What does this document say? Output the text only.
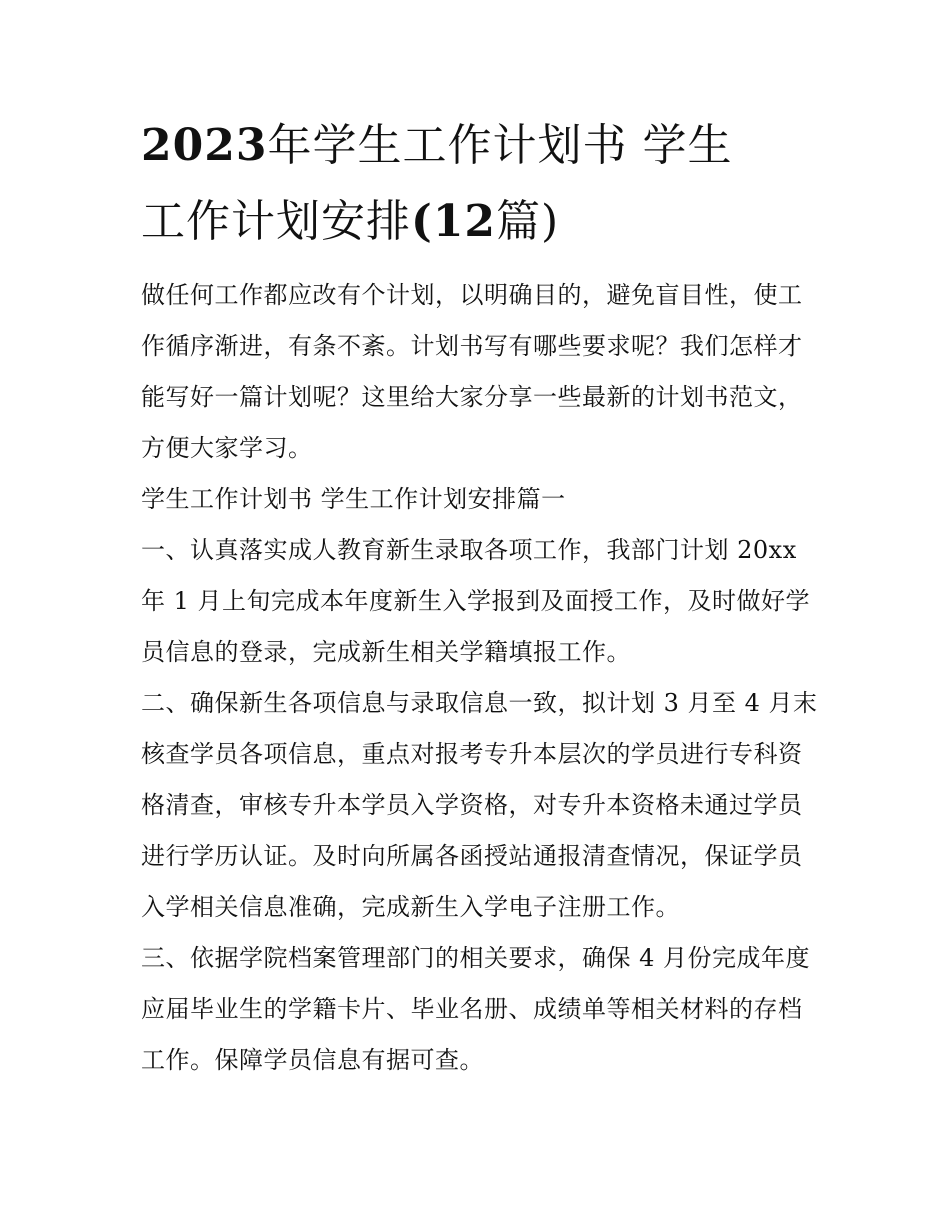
2023年学生工作计划书 学生
工作计划安排(12篇)

做任何工作都应改有个计划，以明确目的，避免盲目性，使工
作循序渐进，有条不紊。计划书写有哪些要求呢？我们怎样才
能写好一篇计划呢？这里给大家分享一些最新的计划书范文，
方便大家学习。

学生工作计划书 学生工作计划安排篇一

一、认真落实成人教育新生录取各项工作，我部门计划 20xx
年 1 月上旬完成本年度新生入学报到及面授工作，及时做好学
员信息的登录，完成新生相关学籍填报工作。

二、确保新生各项信息与录取信息一致，拟计划 3 月至 4 月末
核查学员各项信息，重点对报考专升本层次的学员进行专科资
格清查，审核专升本学员入学资格，对专升本资格未通过学员
进行学历认证。及时向所属各函授站通报清查情况，保证学员
入学相关信息准确，完成新生入学电子注册工作。

三、依据学院档案管理部门的相关要求，确保 4 月份完成年度
应届毕业生的学籍卡片、毕业名册、成绩单等相关材料的存档
工作。保障学员信息有据可查。
